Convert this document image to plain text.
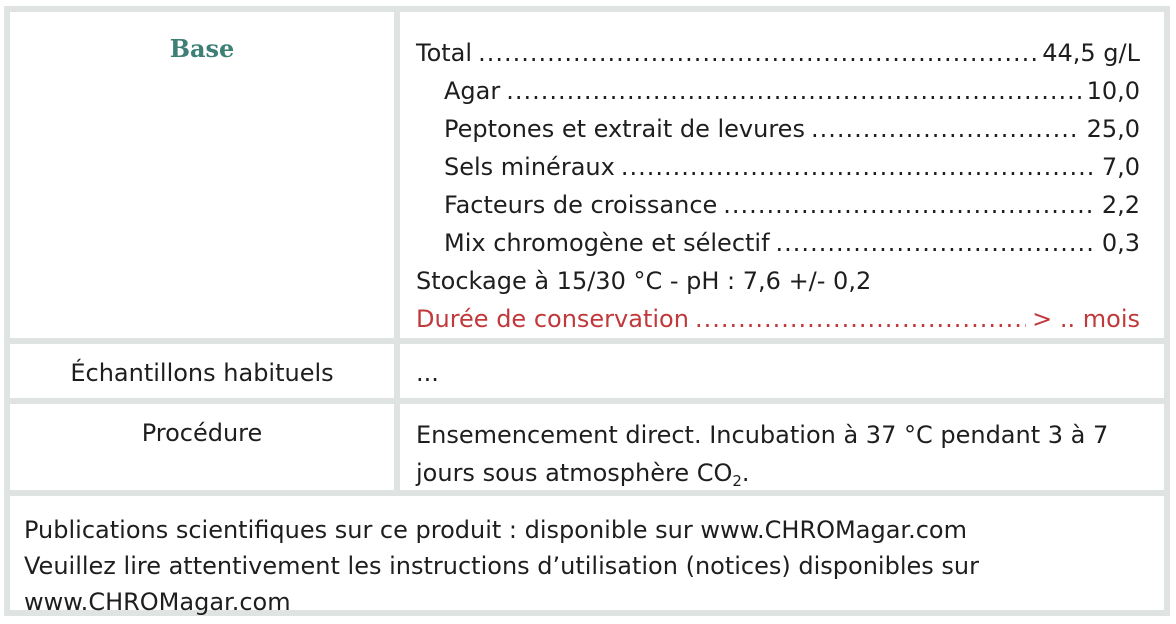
Base	Total .....	44,5 g/L
Agar .....	10,0
Peptones et extrait de levures .....	25,0
Sels minéraux .....	7,0
Facteurs de croissance .....	2,2
Mix chromogène et sélectif .....	0,3
Stockage à 15/30 °C - pH : 7,6 +/- 0,2
Durée de conservation .....	> .. mois
Échantillons habituels	...
Procédure	Ensemencement direct. Incubation à 37 °C pendant 3 à 7 jours sous atmosphère $CO_2$.
Publications scientifiques sur ce produit : disponible sur www.CHROMagar.com
Veuillez lire attentivement les instructions d’utilisation (notices) disponibles sur www.CHROMagar.com
